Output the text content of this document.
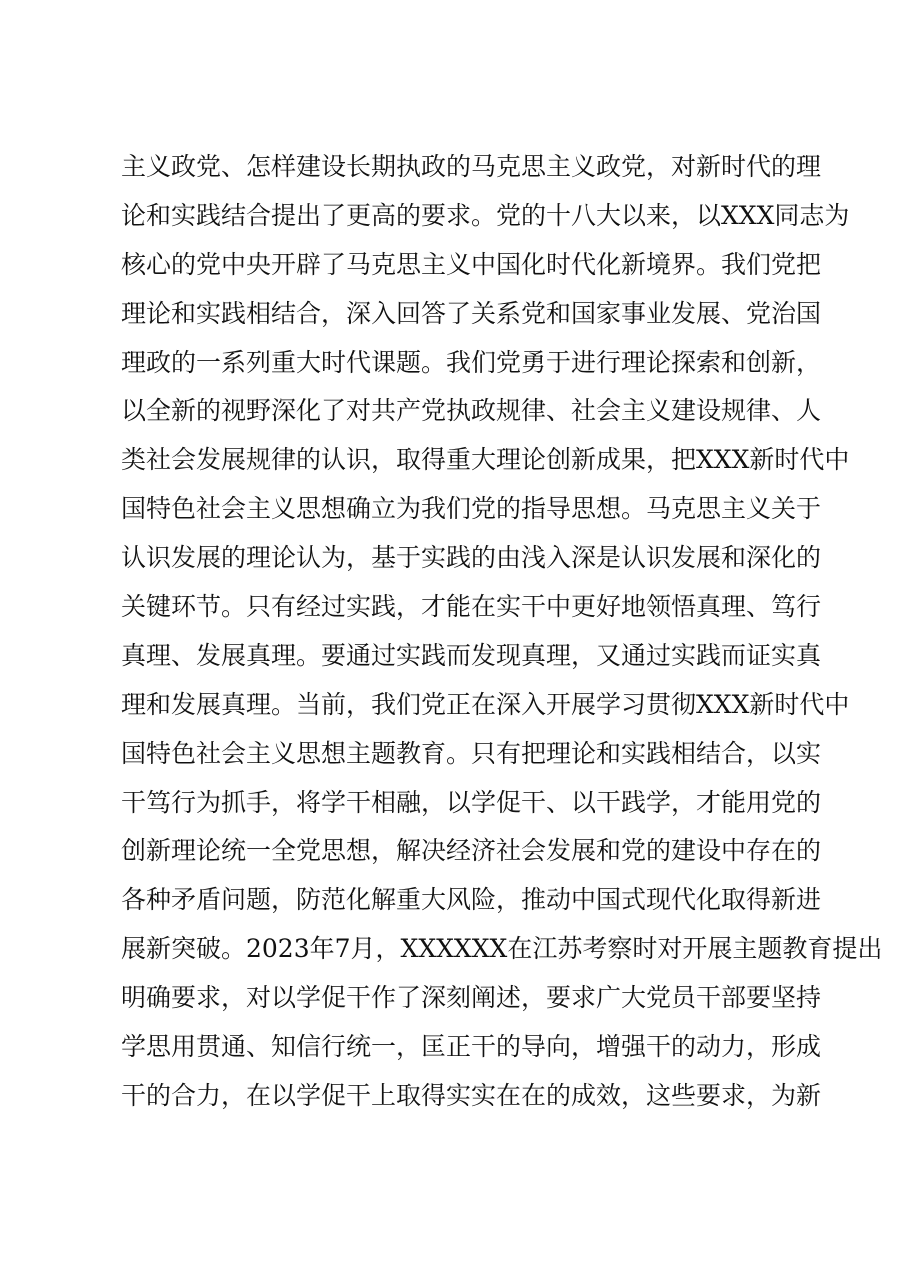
主义政党、怎样建设长期执政的马克思主义政党，对新时代的理
论和实践结合提出了更高的要求。党的十八大以来，以XXX同志为
核心的党中央开辟了马克思主义中国化时代化新境界。我们党把
理论和实践相结合，深入回答了关系党和国家事业发展、党治国
理政的一系列重大时代课题。我们党勇于进行理论探索和创新，
以全新的视野深化了对共产党执政规律、社会主义建设规律、人
类社会发展规律的认识，取得重大理论创新成果，把XXX新时代中
国特色社会主义思想确立为我们党的指导思想。马克思主义关于
认识发展的理论认为，基于实践的由浅入深是认识发展和深化的
关键环节。只有经过实践，才能在实干中更好地领悟真理、笃行
真理、发展真理。要通过实践而发现真理，又通过实践而证实真
理和发展真理。当前，我们党正在深入开展学习贯彻XXX新时代中
国特色社会主义思想主题教育。只有把理论和实践相结合，以实
干笃行为抓手，将学干相融，以学促干、以干践学，才能用党的
创新理论统一全党思想，解决经济社会发展和党的建设中存在的
各种矛盾问题，防范化解重大风险，推动中国式现代化取得新进
展新突破。2023年7月，XXXXXX在江苏考察时对开展主题教育提出
明确要求，对以学促干作了深刻阐述，要求广大党员干部要坚持
学思用贯通、知信行统一，匡正干的导向，增强干的动力，形成
干的合力，在以学促干上取得实实在在的成效，这些要求，为新
